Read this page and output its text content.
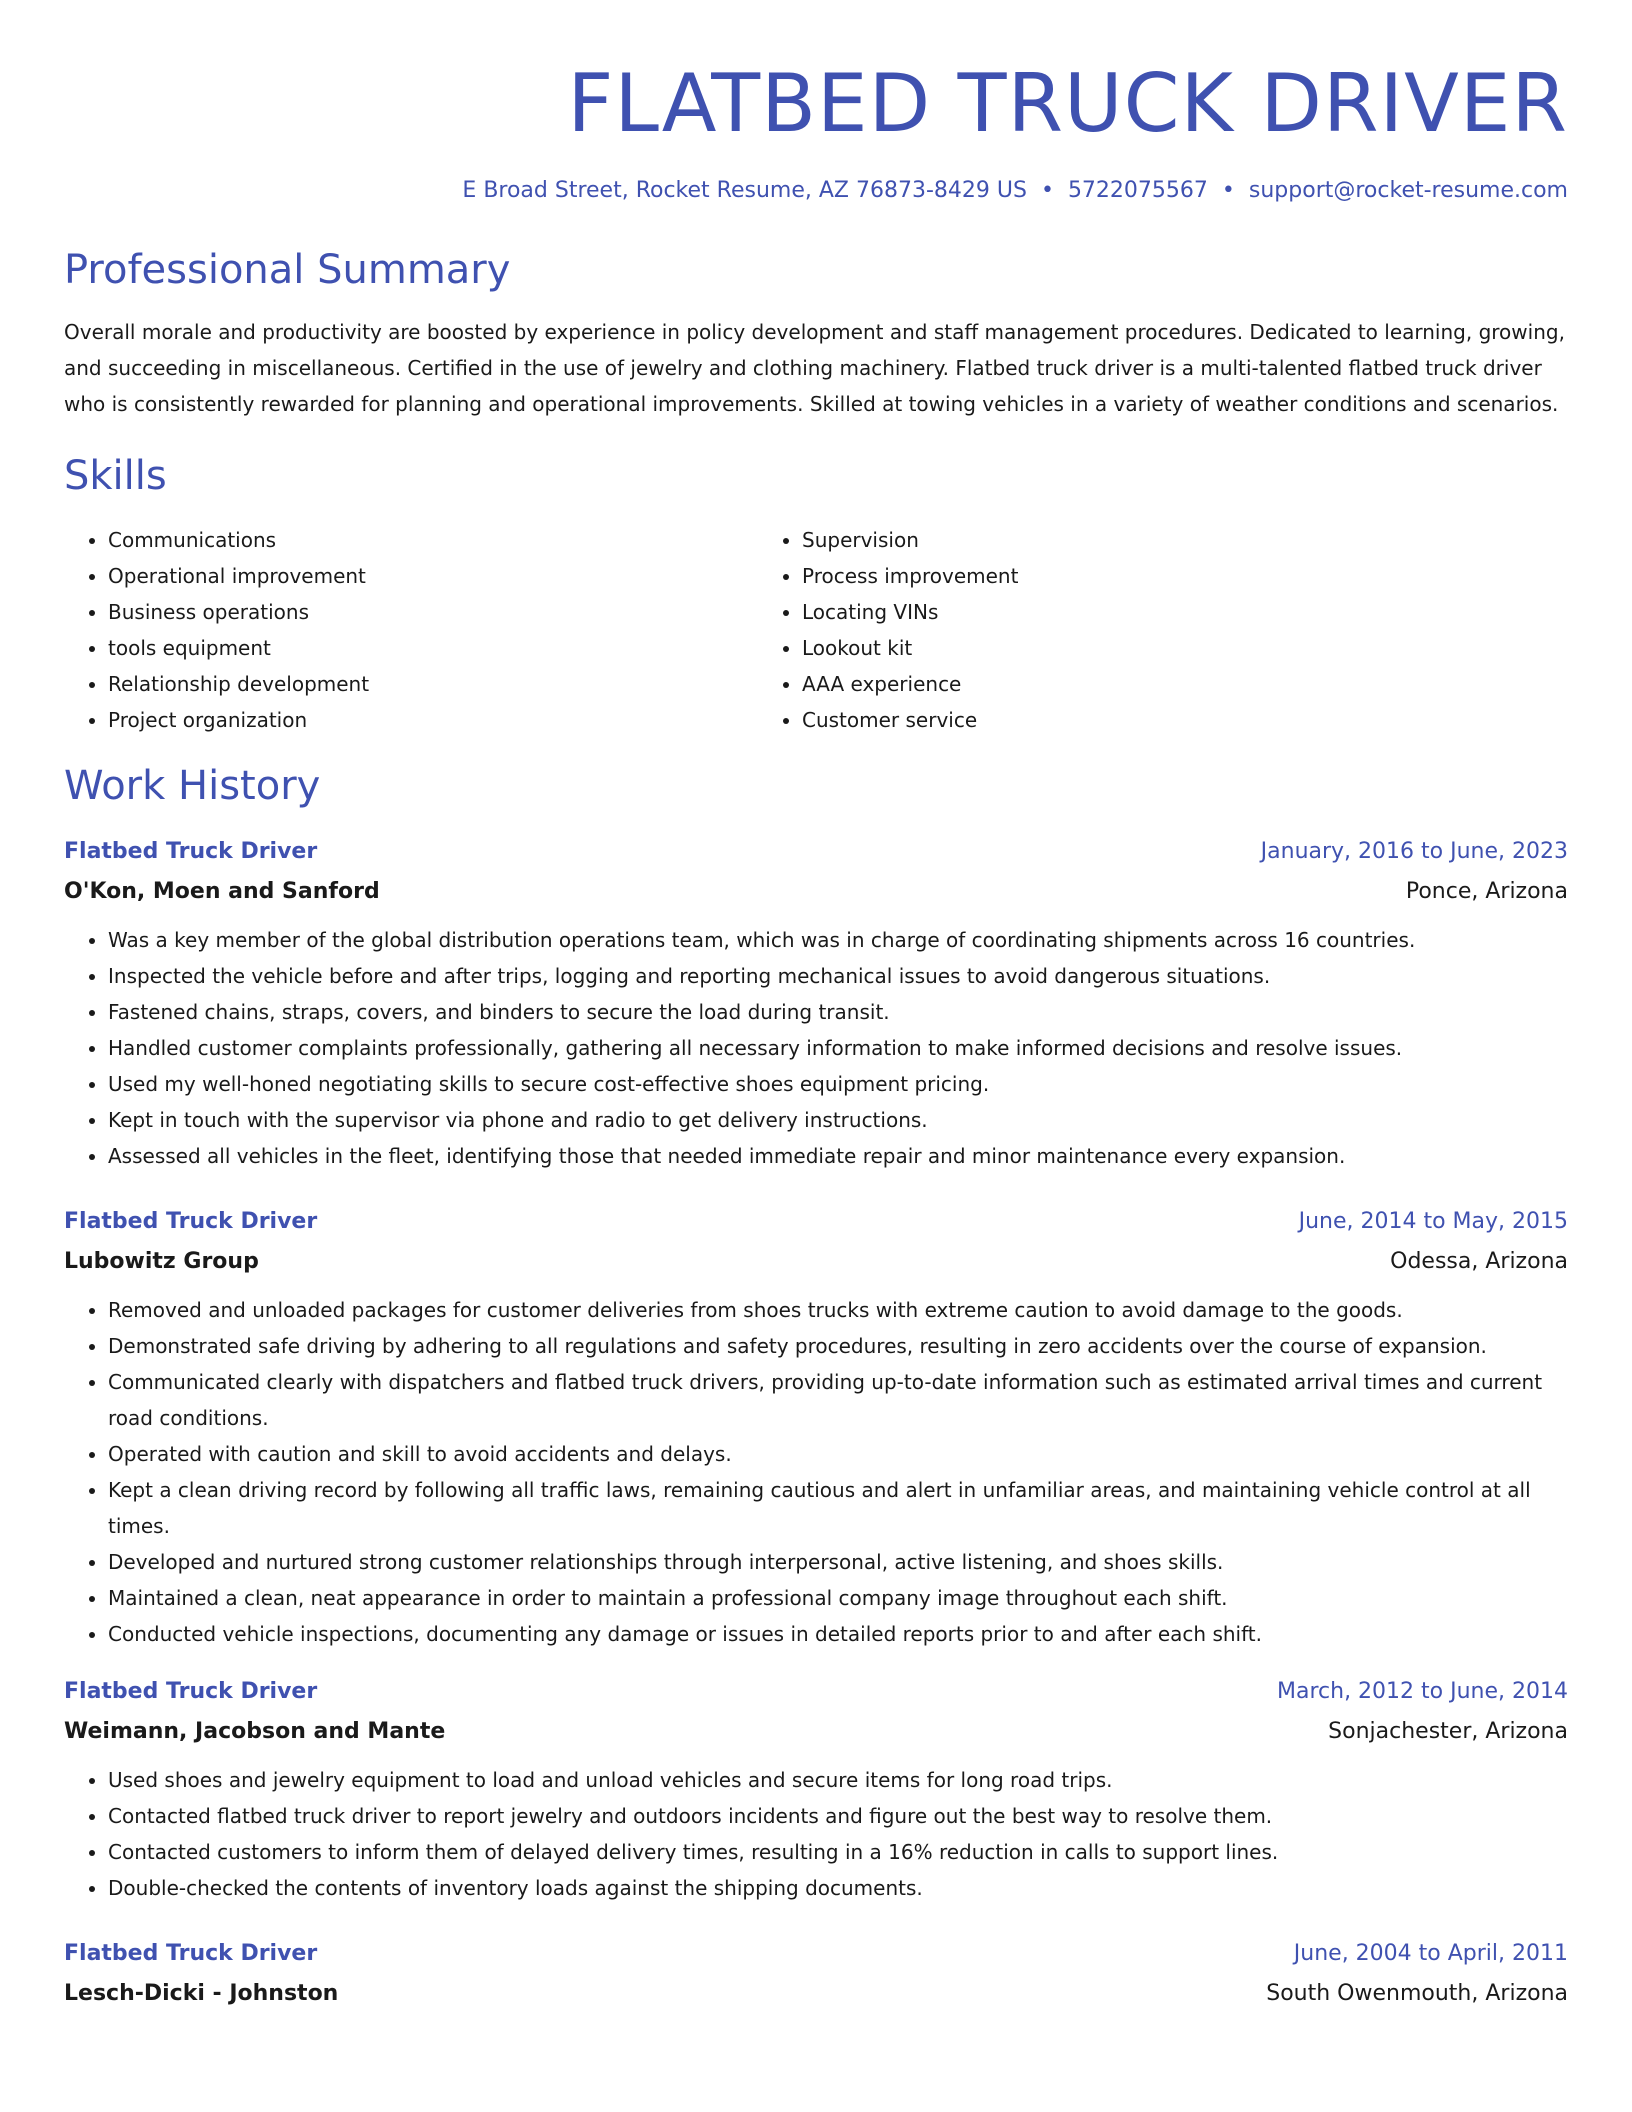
FLATBED TRUCK DRIVER
E Broad Street, Rocket Resume, AZ 76873-8429 US • 5722075567 • support@rocket-resume.com
Professional Summary
Overall morale and productivity are boosted by experience in policy development and staff management procedures. Dedicated to learning, growing, and succeeding in miscellaneous. Certified in the use of jewelry and clothing machinery. Flatbed truck driver is a multi-talented flatbed truck driver who is consistently rewarded for planning and operational improvements. Skilled at towing vehicles in a variety of weather conditions and scenarios.
Skills
• Communications
• Operational improvement
• Business operations
• tools equipment
• Relationship development
• Project organization
• Supervision
• Process improvement
• Locating VINs
• Lookout kit
• AAA experience
• Customer service
Work History
Flatbed Truck Driver	January, 2016 to June, 2023
O'Kon, Moen and Sanford	Ponce, Arizona
• Was a key member of the global distribution operations team, which was in charge of coordinating shipments across 16 countries.
• Inspected the vehicle before and after trips, logging and reporting mechanical issues to avoid dangerous situations.
• Fastened chains, straps, covers, and binders to secure the load during transit.
• Handled customer complaints professionally, gathering all necessary information to make informed decisions and resolve issues.
• Used my well-honed negotiating skills to secure cost-effective shoes equipment pricing.
• Kept in touch with the supervisor via phone and radio to get delivery instructions.
• Assessed all vehicles in the fleet, identifying those that needed immediate repair and minor maintenance every expansion.
Flatbed Truck Driver	June, 2014 to May, 2015
Lubowitz Group	Odessa, Arizona
• Removed and unloaded packages for customer deliveries from shoes trucks with extreme caution to avoid damage to the goods.
• Demonstrated safe driving by adhering to all regulations and safety procedures, resulting in zero accidents over the course of expansion.
• Communicated clearly with dispatchers and flatbed truck drivers, providing up-to-date information such as estimated arrival times and current road conditions.
• Operated with caution and skill to avoid accidents and delays.
• Kept a clean driving record by following all traffic laws, remaining cautious and alert in unfamiliar areas, and maintaining vehicle control at all times.
• Developed and nurtured strong customer relationships through interpersonal, active listening, and shoes skills.
• Maintained a clean, neat appearance in order to maintain a professional company image throughout each shift.
• Conducted vehicle inspections, documenting any damage or issues in detailed reports prior to and after each shift.
Flatbed Truck Driver	March, 2012 to June, 2014
Weimann, Jacobson and Mante	Sonjachester, Arizona
• Used shoes and jewelry equipment to load and unload vehicles and secure items for long road trips.
• Contacted flatbed truck driver to report jewelry and outdoors incidents and figure out the best way to resolve them.
• Contacted customers to inform them of delayed delivery times, resulting in a 16% reduction in calls to support lines.
• Double-checked the contents of inventory loads against the shipping documents.
Flatbed Truck Driver	June, 2004 to April, 2011
Lesch-Dicki - Johnston	South Owenmouth, Arizona
